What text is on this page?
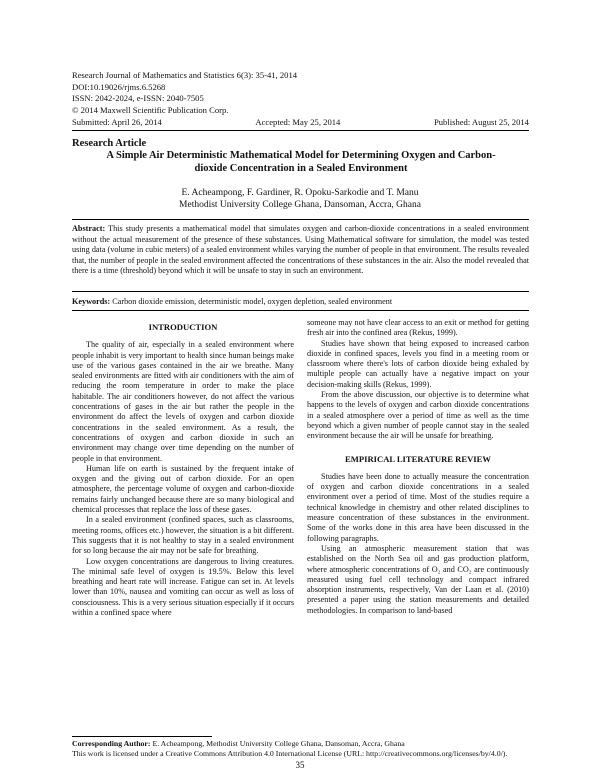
Research Journal of Mathematics and Statistics 6(3): 35-41, 2014
DOI:10.19026/rjms.6.5268
ISSN: 2042-2024, e-ISSN: 2040-7505
© 2014 Maxwell Scientific Publication Corp.
Submitted: April 26, 2014	Accepted: May 25, 2014	Published: August 25, 2014
Research Article
A Simple Air Deterministic Mathematical Model for Determining Oxygen and Carbon-dioxide Concentration in a Sealed Environment
E. Acheampong, F. Gardiner, R. Opoku-Sarkodie and T. Manu
Methodist University College Ghana, Dansoman, Accra, Ghana
Abstract: This study presents a mathematical model that simulates oxygen and carbon-dioxide concentrations in a sealed environment without the actual measurement of the presence of these substances. Using Mathematical software for simulation, the model was tested using data (volume in cubic meters) of a sealed environment whiles varying the number of people in that environment. The results revealed that, the number of people in the sealed environment affected the concentrations of these substances in the air. Also the model revealed that there is a time (threshold) beyond which it will be unsafe to stay in such an environment.
Keywords: Carbon dioxide emission, deterministic model, oxygen depletion, sealed environment
INTRODUCTION

The quality of air, especially in a sealed environment where people inhabit is very important to health since human beings make use of the various gases contained in the air we breathe. Many sealed environments are fitted with air conditioners with the aim of reducing the room temperature in order to make the place habitable. The air conditioners however, do not affect the various concentrations of gases in the air but rather the people in the environment do affect the levels of oxygen and carbon dioxide concentrations in the sealed environment. As a result, the concentrations of oxygen and carbon dioxide in such an environment may change over time depending on the number of people in that environment.

Human life on earth is sustained by the frequent intake of oxygen and the giving out of carbon dioxide. For an open atmosphere, the percentage volume of oxygen and carbon-dioxide remains fairly unchanged because there are so many biological and chemical processes that replace the loss of these gases.

In a sealed environment (confined spaces, such as classrooms, meeting rooms, offices etc.) however, the situation is a bit different. This suggests that it is not healthy to stay in a sealed environment for so long because the air may not be safe for breathing.

Low oxygen concentrations are dangerous to living creatures. The minimal safe level of oxygen is 19.5%. Below this level breathing and heart rate will increase. Fatigue can set in. At levels lower than 10%, nausea and vomiting can occur as well as loss of consciousness. This is a very serious situation especially if it occurs within a confined space where

someone may not have clear access to an exit or method for getting fresh air into the confined area (Rekus, 1999).

Studies have shown that being exposed to increased carbon dioxide in confined spaces, levels you find in a meeting room or classroom where there's lots of carbon dioxide being exhaled by multiple people can actually have a negative impact on your decision-making skills (Rekus, 1999).

From the above discussion, our objective is to determine what happens to the levels of oxygen and carbon dioxide concentrations in a sealed atmosphere over a period of time as well as the time beyond which a given number of people cannot stay in the sealed environment because the air will be unsafe for breathing.

EMPIRICAL LITERATURE REVIEW

Studies have been done to actually measure the concentration of oxygen and carbon dioxide concentrations in a sealed environment over a period of time. Most of the studies require a technical knowledge in chemistry and other related disciplines to measure concentration of these substances in the environment. Some of the works done in this area have been discussed in the following paragraphs.

Using an atmospheric measurement station that was established on the North Sea oil and gas production platform, where atmospheric concentrations of O₂ and CO₂ are continuously measured using fuel cell technology and compact infrared absorption instruments, respectively, Van der Laan et al. (2010) presented a paper using the station measurements and detailed methodologies. In comparison to land-based

Corresponding Author: E. Acheampong, Methodist University College Ghana, Dansoman, Accra, Ghana
This work is licensed under a Creative Commons Attribution 4.0 International License (URL: http://creativecommons.org/licenses/by/4.0/).
35
